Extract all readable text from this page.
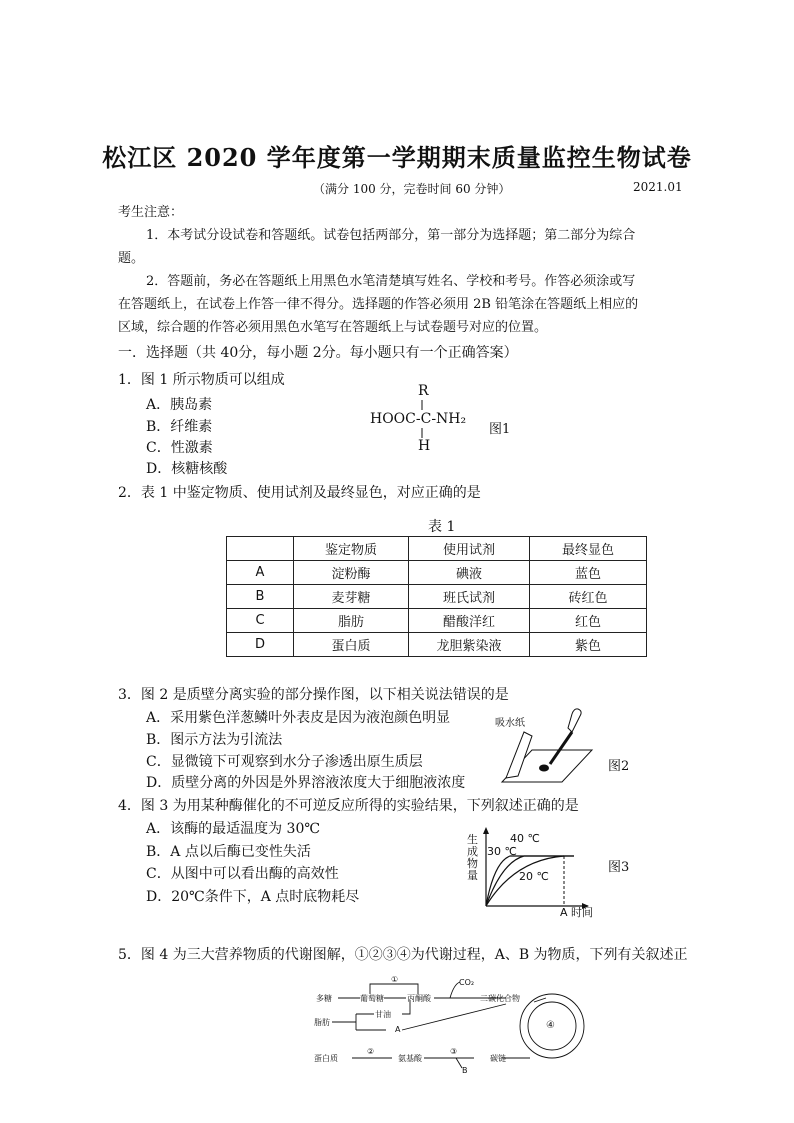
松江区 2020 学年度第一学期期末质量监控生物试卷
（满分 100 分，完卷时间 60 分钟）	2021.01
考生注意：
1．本考试分设试卷和答题纸。试卷包括两部分，第一部分为选择题；第二部分为综合
题。
2．答题前，务必在答题纸上用黑色水笔清楚填写姓名、学校和考号。作答必须涂或写
在答题纸上，在试卷上作答一律不得分。选择题的作答必须用 2B 铅笔涂在答题纸上相应的
区域，综合题的作答必须用黑色水笔写在答题纸上与试卷题号对应的位置。
一．选择题（共 40分，每小题 2分。每小题只有一个正确答案）
1．图 1 所示物质可以组成
A．胰岛素
B．纤维素
C．性激素
D．核糖核酸
R
HOOC-C-NH₂
H
图1
2．表 1 中鉴定物质、使用试剂及最终显色，对应正确的是
表 1
	鉴定物质	使用试剂	最终显色
A	淀粉酶	碘液	蓝色
B	麦芽糖	班氏试剂	砖红色
C	脂肪	醋酸洋红	红色
D	蛋白质	龙胆紫染液	紫色
3．图 2 是质壁分离实验的部分操作图，以下相关说法错误的是
A．采用紫色洋葱鳞叶外表皮是因为液泡颜色明显
B．图示方法为引流法
C．显微镜下可观察到水分子渗透出原生质层
D．质壁分离的外因是外界溶液浓度大于细胞液浓度
吸水纸
图2
4．图 3 为用某种酶催化的不可逆反应所得的实验结果，下列叙述正确的是
A．该酶的最适温度为 30℃
B．A 点以后酶已变性失活
C．从图中可以看出酶的高效性
D．20℃条件下，A 点时底物耗尽
生成物量
40 ℃
30 ℃
20 ℃
A 时间
图3
5．图 4 为三大营养物质的代谢图解，①②③④为代谢过程，A、B 为物质，下列有关叙述正
多糖	葡萄糖	丙酮酸
①	CO₂
二碳化合物
脂肪
甘油
A
蛋白质
②
氨基酸
③
B
碳链
④
